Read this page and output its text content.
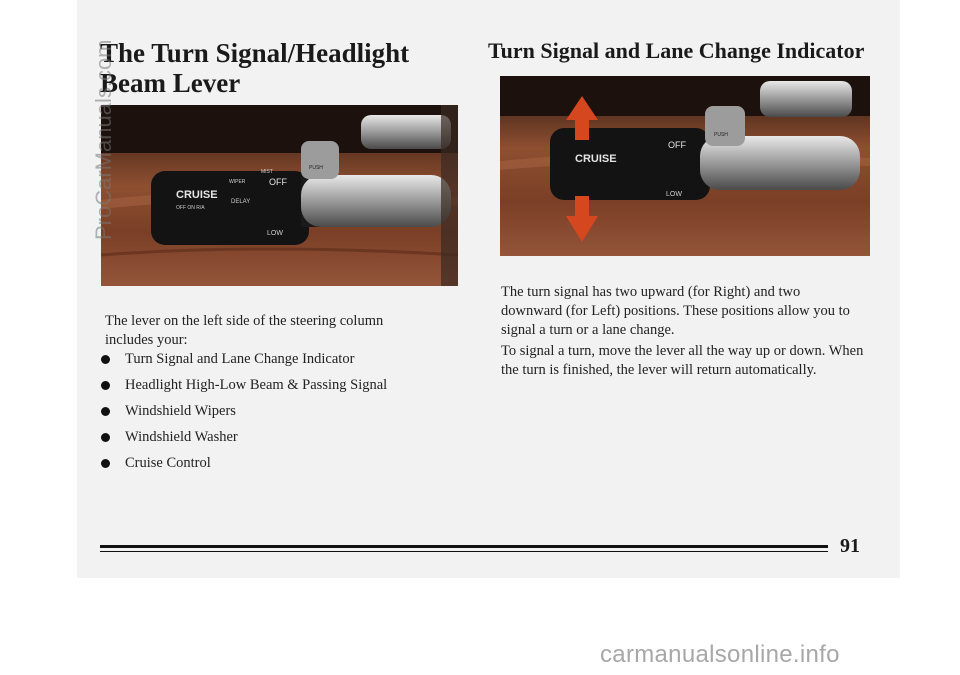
The Turn Signal/Headlight Beam Lever
Turn Signal and Lane Change Indicator
CRUISE
OFF ON R/A
WIPER
MIST
OFF
DELAY
LOW
PUSH
CRUISE
OFF
LOW
PUSH

The lever on the left side of the steering column includes your:

Turn Signal and Lane Change Indicator
Headlight High-Low Beam & Passing Signal
Windshield Wipers
Windshield Washer
Cruise Control

The turn signal has two upward (for Right) and two downward (for Left) positions. These positions allow you to signal a turn or a lane change.

To signal a turn, move the lever all the way up or down. When the turn is finished, the lever will return automatically.

91
ProCarManuals.com
carmanualsonline.info
